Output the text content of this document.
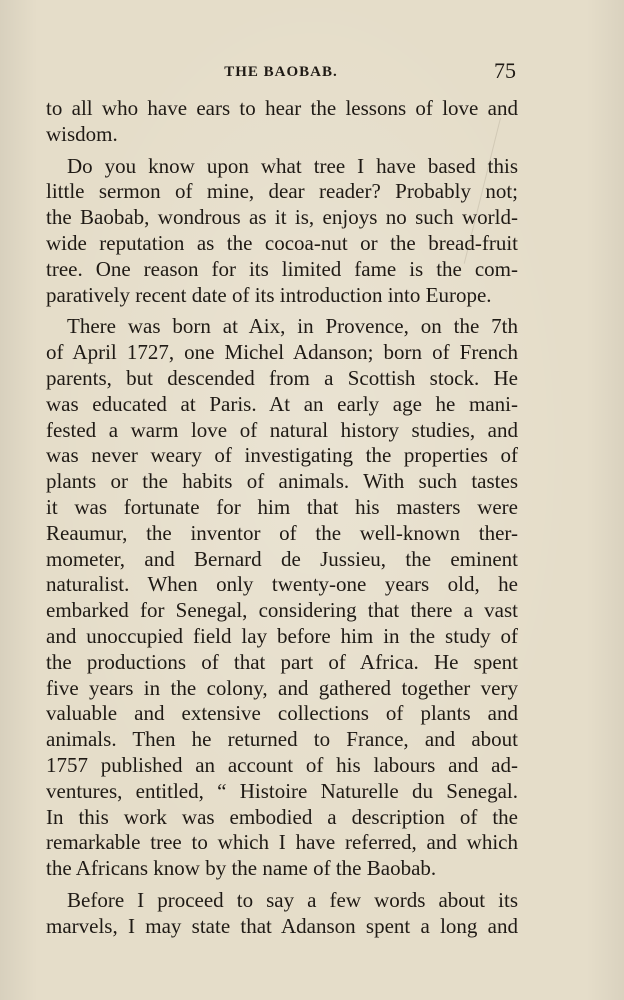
THE BAOBAB.	75
to all who have ears to hear the lessons of love and
wisdom.
Do you know upon what tree I have based this
little sermon of mine, dear reader? Probably not;
the Baobab, wondrous as it is, enjoys no such world-
wide reputation as the cocoa-nut or the bread-fruit
tree. One reason for its limited fame is the com-
paratively recent date of its introduction into Europe.
There was born at Aix, in Provence, on the 7th
of April 1727, one Michel Adanson; born of French
parents, but descended from a Scottish stock. He
was educated at Paris. At an early age he mani-
fested a warm love of natural history studies, and
was never weary of investigating the properties of
plants or the habits of animals. With such tastes
it was fortunate for him that his masters were
Reaumur, the inventor of the well-known ther-
mometer, and Bernard de Jussieu, the eminent
naturalist. When only twenty-one years old, he
embarked for Senegal, considering that there a vast
and unoccupied field lay before him in the study of
the productions of that part of Africa. He spent
five years in the colony, and gathered together very
valuable and extensive collections of plants and
animals. Then he returned to France, and about
1757 published an account of his labours and ad-
ventures, entitled, “ Histoire Naturelle du Senegal.
In this work was embodied a description of the
remarkable tree to which I have referred, and which
the Africans know by the name of the Baobab.
Before I proceed to say a few words about its
marvels, I may state that Adanson spent a long and
